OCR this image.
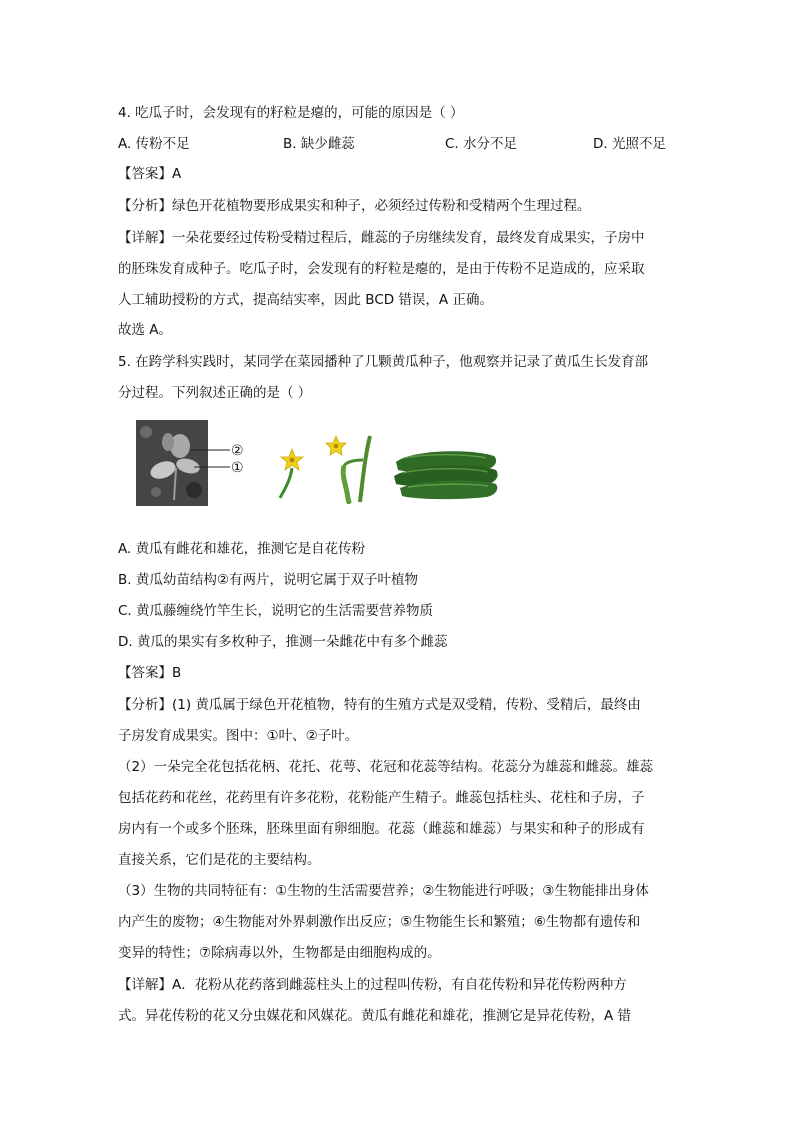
4. 吃瓜子时，会发现有的籽粒是瘪的，可能的原因是（ ）
A. 传粉不足	B. 缺少雌蕊	C. 水分不足	D. 光照不足
【答案】A
【分析】绿色开花植物要形成果实和种子，必须经过传粉和受精两个生理过程。
【详解】一朵花要经过传粉受精过程后，雌蕊的子房继续发育，最终发育成果实，子房中
的胚珠发育成种子。吃瓜子时，会发现有的籽粒是瘪的，是由于传粉不足造成的，应采取
人工辅助授粉的方式，提高结实率，因此 BCD 错误，A 正确。
故选 A。
5. 在跨学科实践时，某同学在菜园播种了几颗黄瓜种子，他观察并记录了黄瓜生长发育部
分过程。下列叙述正确的是（ ）
②
①
A. 黄瓜有雌花和雄花，推测它是自花传粉
B. 黄瓜幼苗结构②有两片，说明它属于双子叶植物
C. 黄瓜藤缠绕竹竿生长，说明它的生活需要营养物质
D. 黄瓜的果实有多枚种子，推测一朵雌花中有多个雌蕊
【答案】B
【分析】(1) 黄瓜属于绿色开花植物，特有的生殖方式是双受精，传粉、受精后，最终由
子房发育成果实。图中：①叶、②子叶。
（2）一朵完全花包括花柄、花托、花萼、花冠和花蕊等结构。花蕊分为雄蕊和雌蕊。雄蕊
包括花药和花丝，花药里有许多花粉，花粉能产生精子。雌蕊包括柱头、花柱和子房，子
房内有一个或多个胚珠，胚珠里面有卵细胞。花蕊（雌蕊和雄蕊）与果实和种子的形成有
直接关系，它们是花的主要结构。
（3）生物的共同特征有：①生物的生活需要营养；②生物能进行呼吸；③生物能排出身体
内产生的废物；④生物能对外界刺激作出反应；⑤生物能生长和繁殖；⑥生物都有遗传和
变异的特性；⑦除病毒以外，生物都是由细胞构成的。
【详解】A．花粉从花药落到雌蕊柱头上的过程叫传粉，有自花传粉和异花传粉两种方
式。异花传粉的花又分虫媒花和风媒花。黄瓜有雌花和雄花，推测它是异花传粉，A 错
